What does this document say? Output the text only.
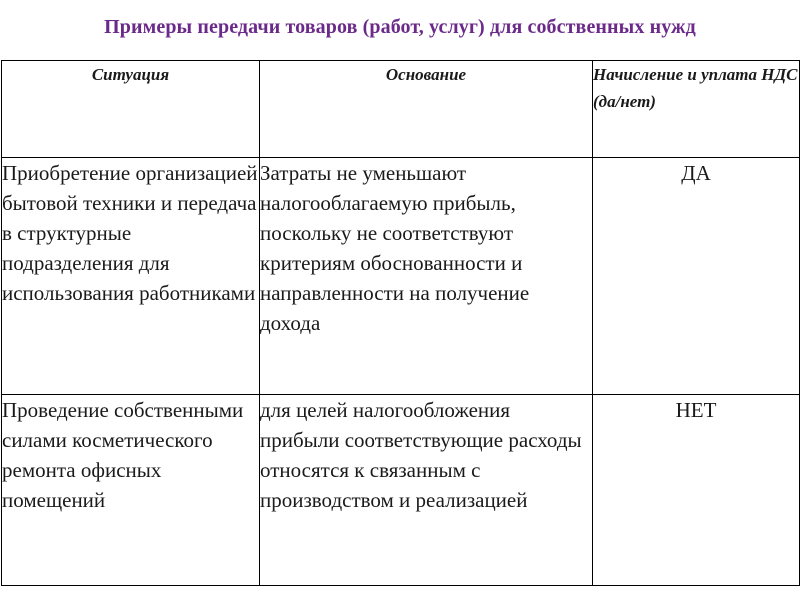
Примеры передачи товаров (работ, услуг) для собственных нужд
Ситуация	Основание	Начисление и уплата НДС (да/нет)
Приобретение организацией бытовой техники и передача в структурные подразделения для использования работниками	Затраты не уменьшают налогооблагаемую прибыль, поскольку не соответствуют критериям обоснованности и направленности на получение дохода	ДА
Проведение собственными силами косметического ремонта офисных помещений	для целей налогообложения прибыли соответствующие расходы относятся к связанным с производством и реализацией	НЕТ
